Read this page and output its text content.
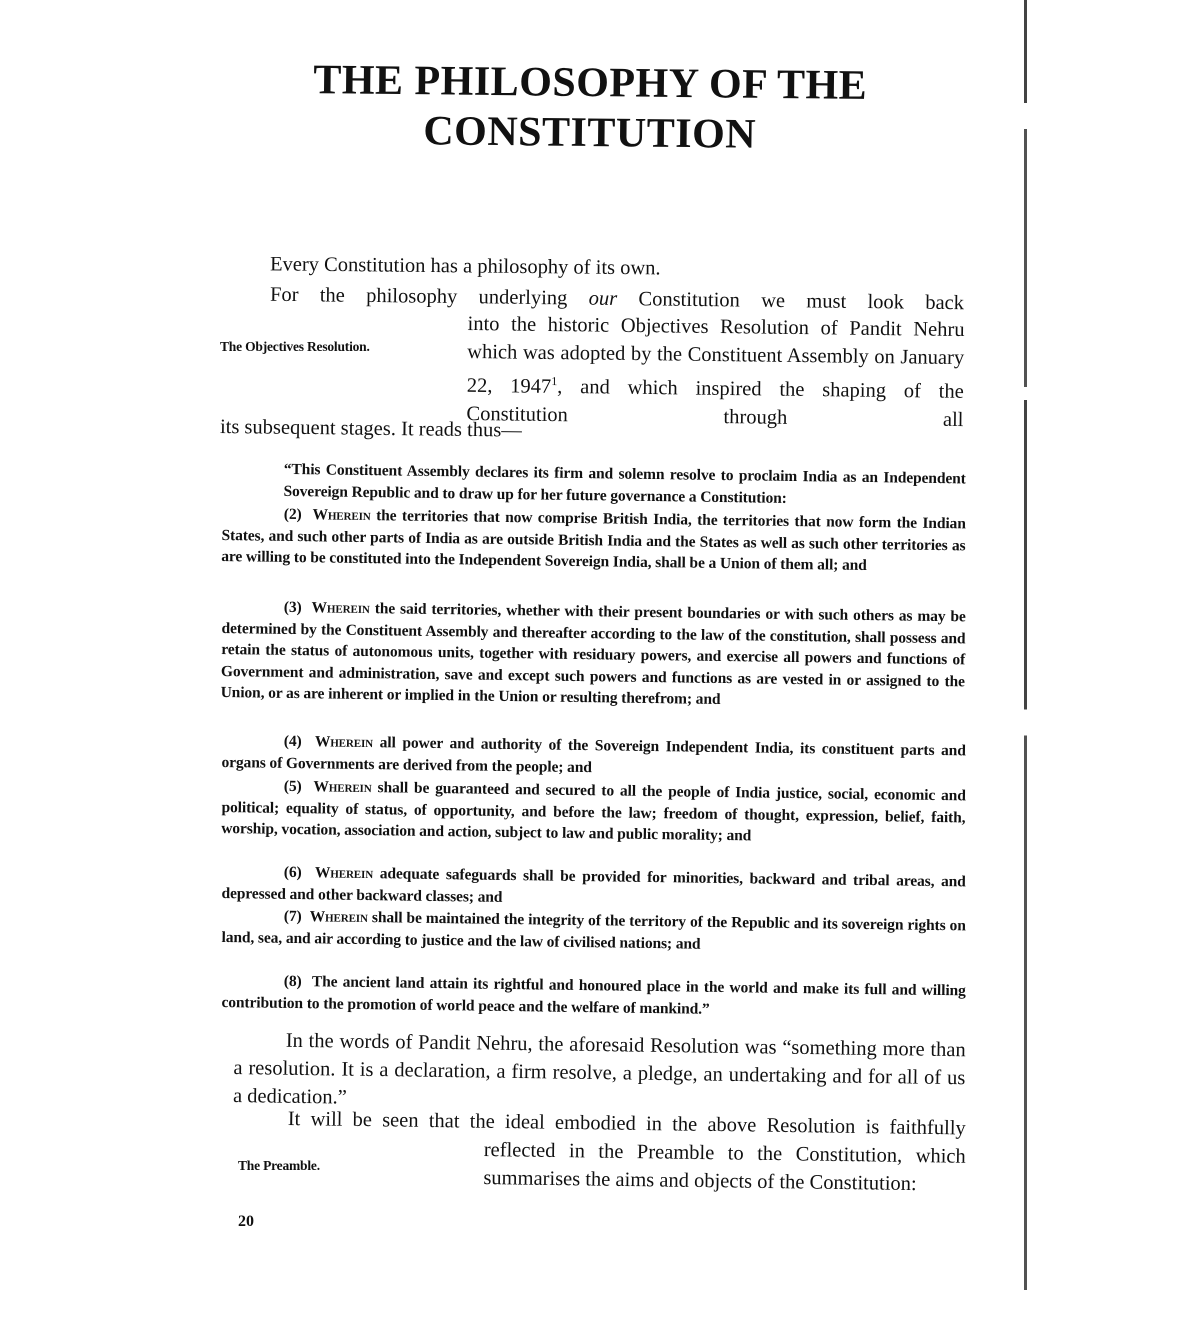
THE PHILOSOPHY OF THE
CONSTITUTION
Every Constitution has a philosophy of its own.
For the philosophy underlying our Constitution we must look back
into the historic Objectives Resolution of Pandit Nehru which was adopted by the Constituent Assembly on January 22, 1947$^1$, and which inspired the shaping of the Constitution through all
its subsequent stages. It reads thus—
The Objectives Resolution.
“This Constituent Assembly declares its firm and solemn resolve to proclaim India as an Independent Sovereign Republic and to draw up for her future governance a Constitution:
(2) Wherein the territories that now comprise British India, the territories that now form the Indian States, and such other parts of India as are outside British India and the States as well as such other territories as are willing to be constituted into the Independent Sovereign India, shall be a Union of them all; and
(3) Wherein the said territories, whether with their present boundaries or with such others as may be determined by the Constituent Assembly and thereafter according to the law of the constitution, shall possess and retain the status of autonomous units, together with residuary powers, and exercise all powers and functions of Government and administration, save and except such powers and functions as are vested in or assigned to the Union, or as are inherent or implied in the Union or resulting therefrom; and
(4) Wherein all power and authority of the Sovereign Independent India, its constituent parts and organs of Governments are derived from the people; and
(5) Wherein shall be guaranteed and secured to all the people of India justice, social, economic and political; equality of status, of opportunity, and before the law; freedom of thought, expression, belief, faith, worship, vocation, association and action, subject to law and public morality; and
(6) Wherein adequate safeguards shall be provided for minorities, backward and tribal areas, and depressed and other backward classes; and
(7) Wherein shall be maintained the integrity of the territory of the Republic and its sovereign rights on land, sea, and air according to justice and the law of civilised nations; and
(8) The ancient land attain its rightful and honoured place in the world and make its full and willing contribution to the promotion of world peace and the welfare of mankind.”
In the words of Pandit Nehru, the aforesaid Resolution was “something more than a resolution. It is a declaration, a firm resolve, a pledge, an undertaking and for all of us a dedication.”
It will be seen that the ideal embodied in the above Resolution is faithfully
reflected in the Preamble to the Constitution, which summarises the aims and objects of the Constitution:
The Preamble.
20
